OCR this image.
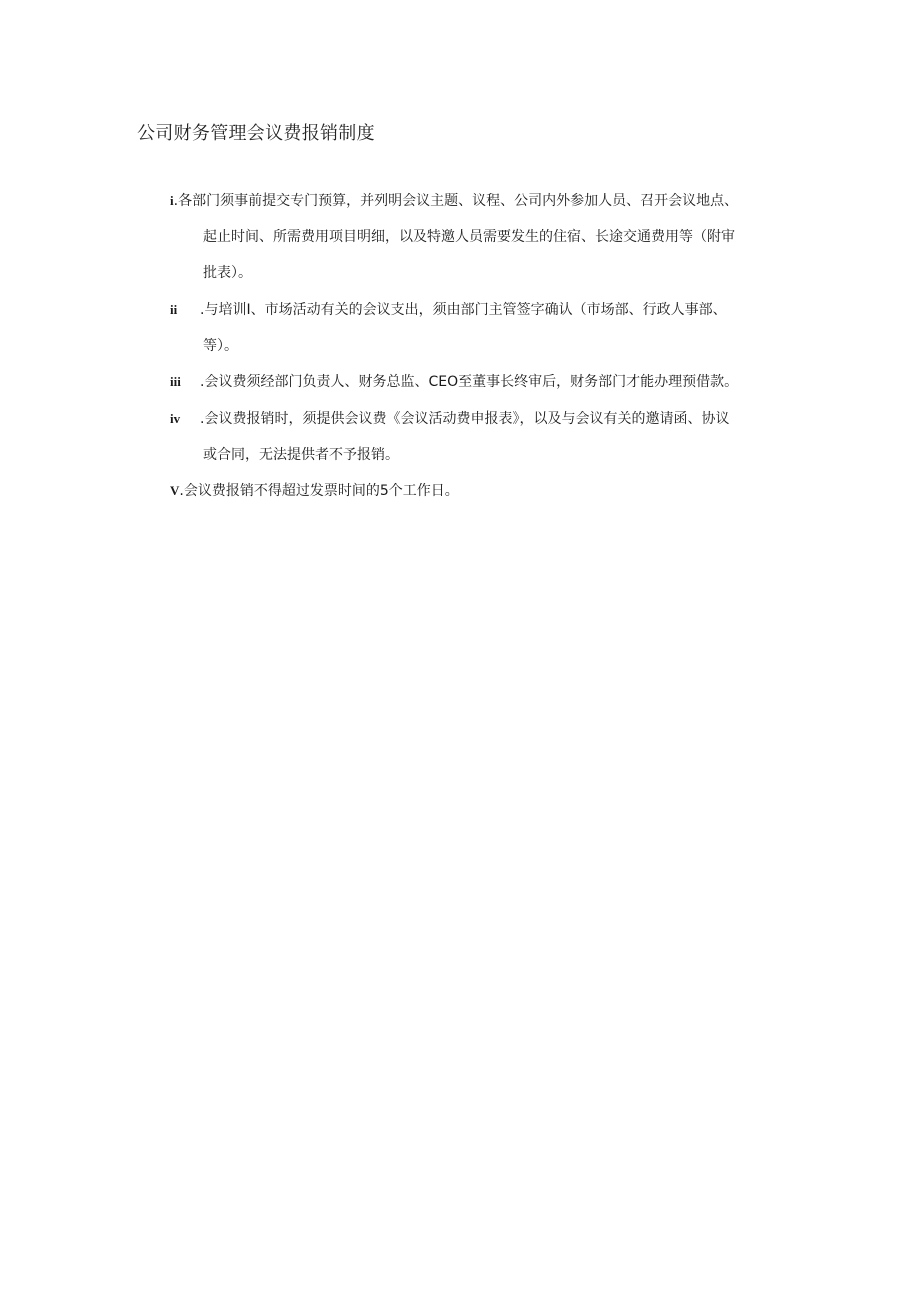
公司财务管理会议费报销制度
i.各部门须事前提交专门预算，并列明会议主题、议程、公司内外参加人员、召开会议地点、
起止时间、所需费用项目明细，以及特邀人员需要发生的住宿、长途交通费用等（附审
批表）。
ii .与培训I、市场活动有关的会议支出，须由部门主管签字确认（市场部、行政人事部、
等）。
iii .会议费须经部门负责人、财务总监、CEO至董事长终审后，财务部门才能办理预借款。
iv .会议费报销时，须提供会议费《会议活动费申报表》，以及与会议有关的邀请函、协议
或合同，无法提供者不予报销。
V.会议费报销不得超过发票时间的5个工作日。
